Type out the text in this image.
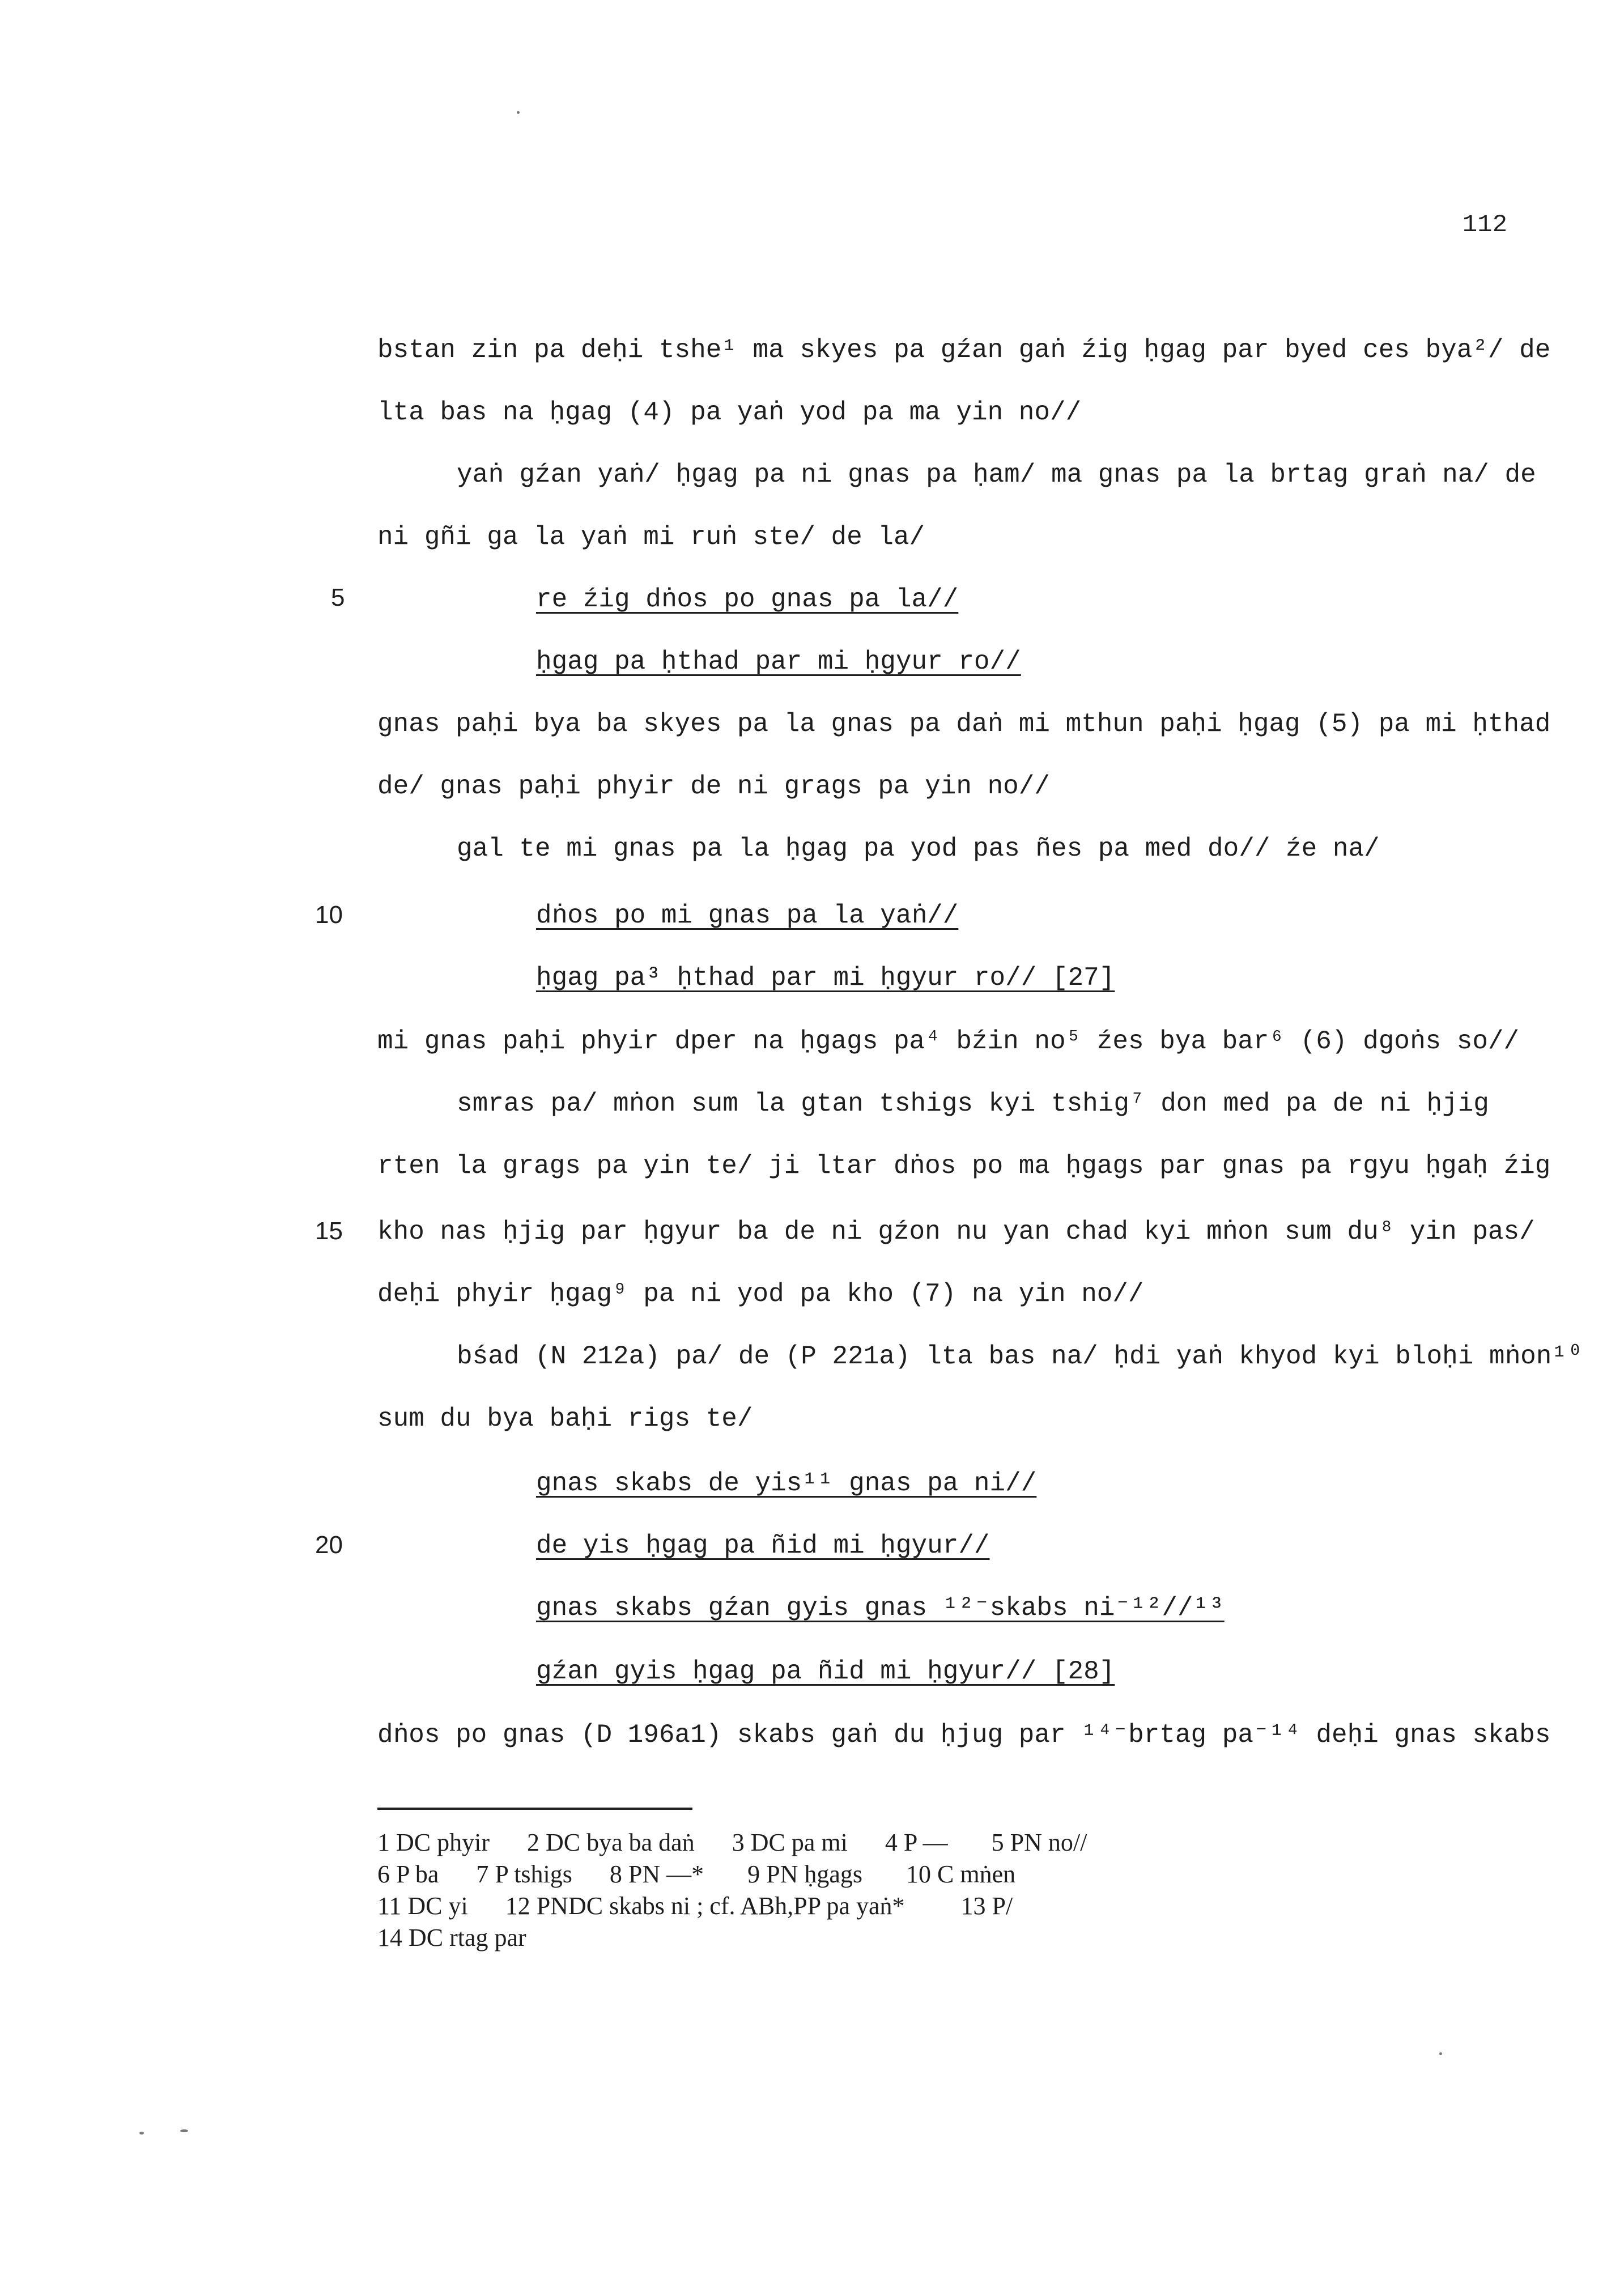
112
5
10
15
20
bstan zin pa deḥi tshe¹ ma skyes pa gźan gaṅ źig ḥgag par byed ces bya²/ de
lta bas na ḥgag (4) pa yaṅ yod pa ma yin no//
yaṅ gźan yaṅ/ ḥgag pa ni gnas pa ḥam/ ma gnas pa la brtag graṅ na/ de
ni gñi ga la yaṅ mi ruṅ ste/ de la/
re źig dṅos po gnas pa la//
ḥgag pa ḥthad par mi ḥgyur ro//
gnas paḥi bya ba skyes pa la gnas pa daṅ mi mthun paḥi ḥgag (5) pa mi ḥthad
de/ gnas paḥi phyir de ni grags pa yin no//
gal te mi gnas pa la ḥgag pa yod pas ñes pa med do// źe na/
dṅos po mi gnas pa la yaṅ//
ḥgag pa³ ḥthad par mi ḥgyur ro// [27]
mi gnas paḥi phyir dper na ḥgags pa⁴ bźin no⁵ źes bya bar⁶ (6) dgoṅs so//
smras pa/ mṅon sum la gtan tshigs kyi tshig⁷ don med pa de ni ḥjig
rten la grags pa yin te/ ji ltar dṅos po ma ḥgags par gnas pa rgyu ḥgaḥ źig
kho nas ḥjig par ḥgyur ba de ni gźon nu yan chad kyi mṅon sum du⁸ yin pas/
deḥi phyir ḥgag⁹ pa ni yod pa kho (7) na yin no//
bśad (N 212a) pa/ de (P 221a) lta bas na/ ḥdi yaṅ khyod kyi bloḥi mṅon¹⁰
sum du bya baḥi rigs te/
gnas skabs de yis¹¹ gnas pa ni//
de yis ḥgag pa ñid mi ḥgyur//
gnas skabs gźan gyis gnas ¹²⁻skabs ni⁻¹²//¹³
gźan gyis ḥgag pa ñid mi ḥgyur// [28]
dṅos po gnas (D 196a1) skabs gaṅ du ḥjug par ¹⁴⁻brtag pa⁻¹⁴ deḥi gnas skabs
1 DC phyir      2 DC bya ba daṅ      3 DC pa mi      4 P —       5 PN no//
6 P ba      7 P tshigs      8 PN —*       9 PN ḥgags       10 C mṅen
11 DC yi      12 PNDC skabs ni ; cf. ABh,PP pa yaṅ*         13 P/
14 DC rtag par
